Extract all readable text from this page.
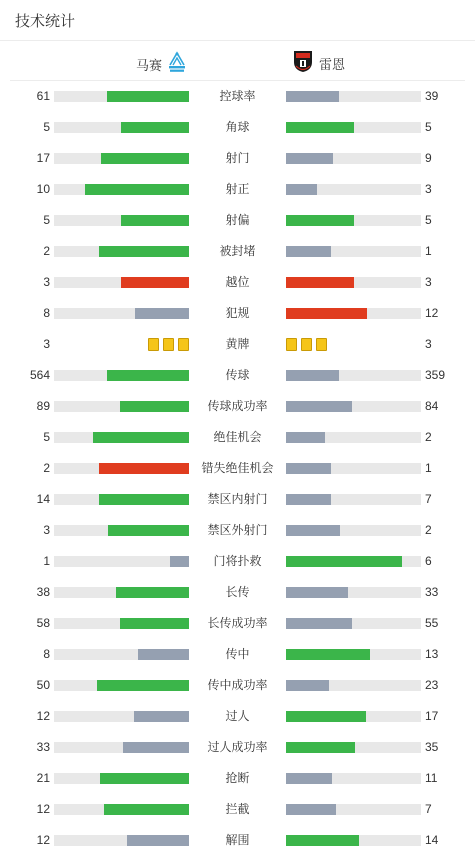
技术统计
马赛	雷恩
61	控球率	39
5	角球	5
17	射门	9
10	射正	3
5	射偏	5
2	被封堵	1
3	越位	3
8	犯规	12
3	黄牌	3
564	传球	359
89	传球成功率	84
5	绝佳机会	2
2	错失绝佳机会	1
14	禁区内射门	7
3	禁区外射门	2
1	门将扑救	6
38	长传	33
58	长传成功率	55
8	传中	13
50	传中成功率	23
12	过人	17
33	过人成功率	35
21	抢断	11
12	拦截	7
12	解围	14
